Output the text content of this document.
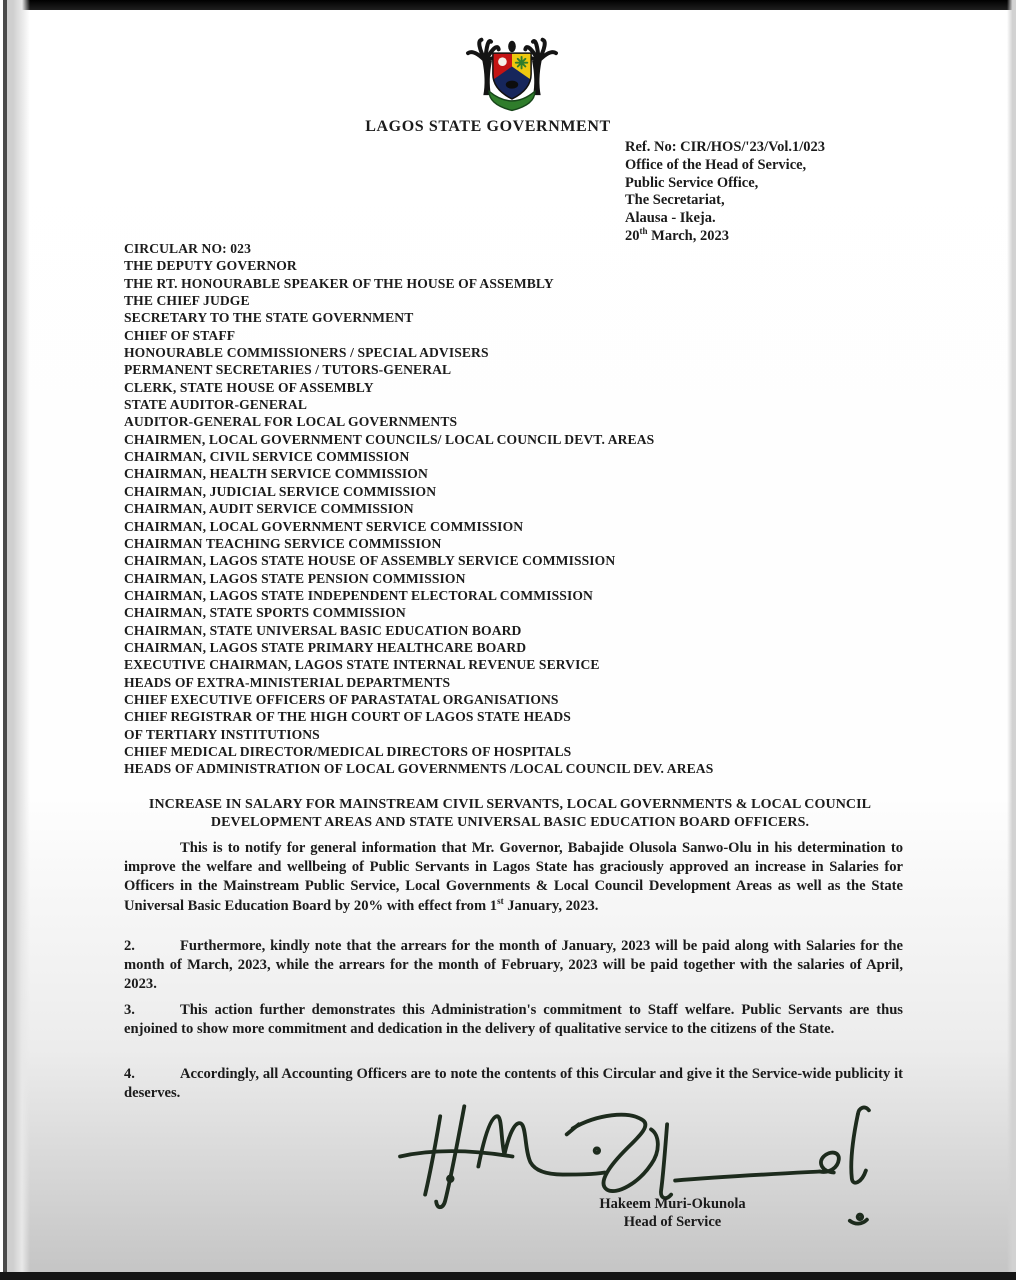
LAGOS STATE GOVERNMENT
Ref. No: CIR/HOS/'23/Vol.1/023
Office of the Head of Service,
Public Service Office,
The Secretariat,
Alausa - Ikeja.
20th March, 2023
CIRCULAR NO: 023
THE DEPUTY GOVERNOR
THE RT. HONOURABLE SPEAKER OF THE HOUSE OF ASSEMBLY
THE CHIEF JUDGE
SECRETARY TO THE STATE GOVERNMENT
CHIEF OF STAFF
HONOURABLE COMMISSIONERS / SPECIAL ADVISERS
PERMANENT SECRETARIES / TUTORS-GENERAL
CLERK, STATE HOUSE OF ASSEMBLY
STATE AUDITOR-GENERAL
AUDITOR-GENERAL FOR LOCAL GOVERNMENTS
CHAIRMEN, LOCAL GOVERNMENT COUNCILS/ LOCAL COUNCIL DEVT. AREAS
CHAIRMAN, CIVIL SERVICE COMMISSION
CHAIRMAN, HEALTH SERVICE COMMISSION
CHAIRMAN, JUDICIAL SERVICE COMMISSION
CHAIRMAN, AUDIT SERVICE COMMISSION
CHAIRMAN, LOCAL GOVERNMENT SERVICE COMMISSION
CHAIRMAN TEACHING SERVICE COMMISSION
CHAIRMAN, LAGOS STATE HOUSE OF ASSEMBLY SERVICE COMMISSION
CHAIRMAN, LAGOS STATE PENSION COMMISSION
CHAIRMAN, LAGOS STATE INDEPENDENT ELECTORAL COMMISSION
CHAIRMAN, STATE SPORTS COMMISSION
CHAIRMAN, STATE UNIVERSAL BASIC EDUCATION BOARD
CHAIRMAN, LAGOS STATE PRIMARY HEALTHCARE BOARD
EXECUTIVE CHAIRMAN, LAGOS STATE INTERNAL REVENUE SERVICE
HEADS OF EXTRA-MINISTERIAL DEPARTMENTS
CHIEF EXECUTIVE OFFICERS OF PARASTATAL ORGANISATIONS
CHIEF REGISTRAR OF THE HIGH COURT OF LAGOS STATE HEADS
OF TERTIARY INSTITUTIONS
CHIEF MEDICAL DIRECTOR/MEDICAL DIRECTORS OF HOSPITALS
HEADS OF ADMINISTRATION OF LOCAL GOVERNMENTS /LOCAL COUNCIL DEV. AREAS
INCREASE IN SALARY FOR MAINSTREAM CIVIL SERVANTS, LOCAL GOVERNMENTS & LOCAL COUNCIL DEVELOPMENT AREAS AND STATE UNIVERSAL BASIC EDUCATION BOARD OFFICERS.
This is to notify for general information that Mr. Governor, Babajide Olusola Sanwo-Olu in his determination to improve the welfare and wellbeing of Public Servants in Lagos State has graciously approved an increase in Salaries for Officers in the Mainstream Public Service, Local Governments & Local Council Development Areas as well as the State Universal Basic Education Board by 20% with effect from 1st January, 2023.
2.	Furthermore, kindly note that the arrears for the month of January, 2023 will be paid along with Salaries for the month of March, 2023, while the arrears for the month of February, 2023 will be paid together with the salaries of April, 2023.
3.	This action further demonstrates this Administration's commitment to Staff welfare. Public Servants are thus enjoined to show more commitment and dedication in the delivery of qualitative service to the citizens of the State.
4.	Accordingly, all Accounting Officers are to note the contents of this Circular and give it the Service-wide publicity it deserves.
Hakeem Muri-Okunola
Head of Service
